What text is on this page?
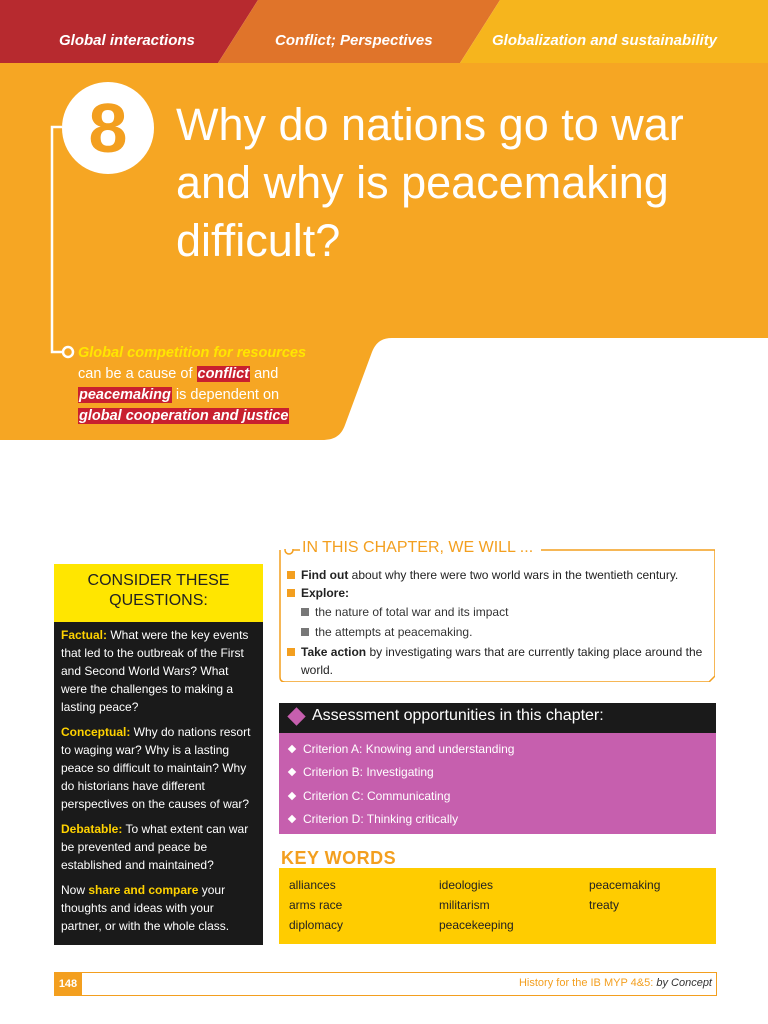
Global interactions	Conflict; Perspectives	Globalization and sustainability
8	Why do nations go to war
and why is peacemaking
difficult?
Global competition for resources
can be a cause of conflict and
peacemaking is dependent on
global cooperation and justice
CONSIDER THESE
QUESTIONS:

Factual: What were the key events that led to the outbreak of the First and Second World Wars? What were the challenges to making a lasting peace?

Conceptual: Why do nations resort to waging war? Why is a lasting peace so difficult to maintain? Why do historians have different perspectives on the causes of war?

Debatable: To what extent can war be prevented and peace be established and maintained?

Now share and compare your thoughts and ideas with your partner, or with the whole class.

IN THIS CHAPTER, WE WILL ...
Find out about why there were two world wars in the twentieth century.
Explore:
the nature of total war and its impact
the attempts at peacemaking.
Take action by investigating wars that are currently taking place around the world.
Assessment opportunities in this chapter:
Criterion A: Knowing and understanding
Criterion B: Investigating
Criterion C: Communicating
Criterion D: Thinking critically
KEY WORDS
alliances	ideologies	peacemaking
arms race	militarism	treaty
diplomacy	peacekeeping
148	History for the IB MYP 4&5: by Concept
